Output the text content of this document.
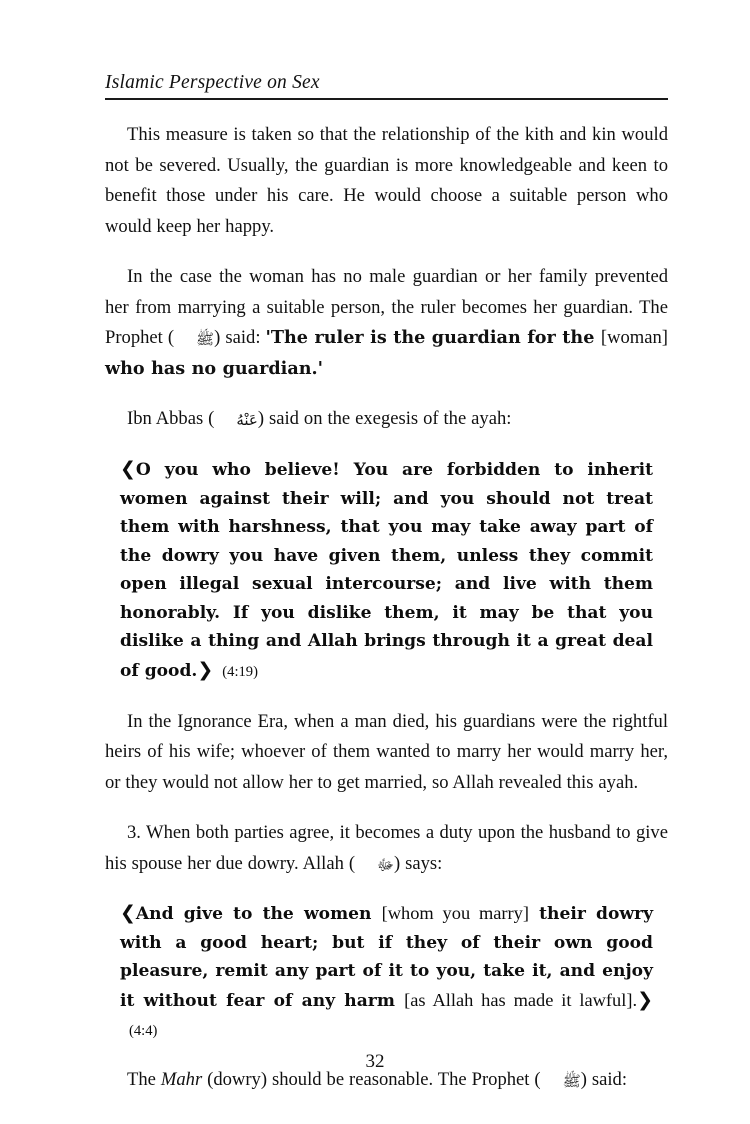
Islamic Perspective on Sex

This measure is taken so that the relationship of the kith and kin would not be severed. Usually, the guardian is more knowledgeable and keen to benefit those under his care. He would choose a suitable person who would keep her happy.

In the case the woman has no male guardian or her family prevented her from marrying a suitable person, the ruler becomes her guardian. The Prophet ( ﷺ) said: 'The ruler is the guardian for the [woman] who has no guardian.'

Ibn Abbas ( عَنْهُ) said on the exegesis of the ayah:

❮O you who believe! You are forbidden to inherit women against their will; and you should not treat them with harshness, that you may take away part of the dowry you have given them, unless they commit open illegal sexual intercourse; and live with them honorably. If you dislike them, it may be that you dislike a thing and Allah brings through it a great deal of good.❯ (4:19)

In the Ignorance Era, when a man died, his guardians were the rightful heirs of his wife; whoever of them wanted to marry her would marry her, or they would not allow her to get married, so Allah revealed this ayah.

3. When both parties agree, it becomes a duty upon the husband to give his spouse her due dowry. Allah ( ﷻ) says:

❮And give to the women [whom you marry] their dowry with a good heart; but if they of their own good pleasure, remit any part of it to you, take it, and enjoy it without fear of any harm [as Allah has made it lawful].❯(4:4)

The Mahr (dowry) should be reasonable. The Prophet ( ﷺ) said:

32
